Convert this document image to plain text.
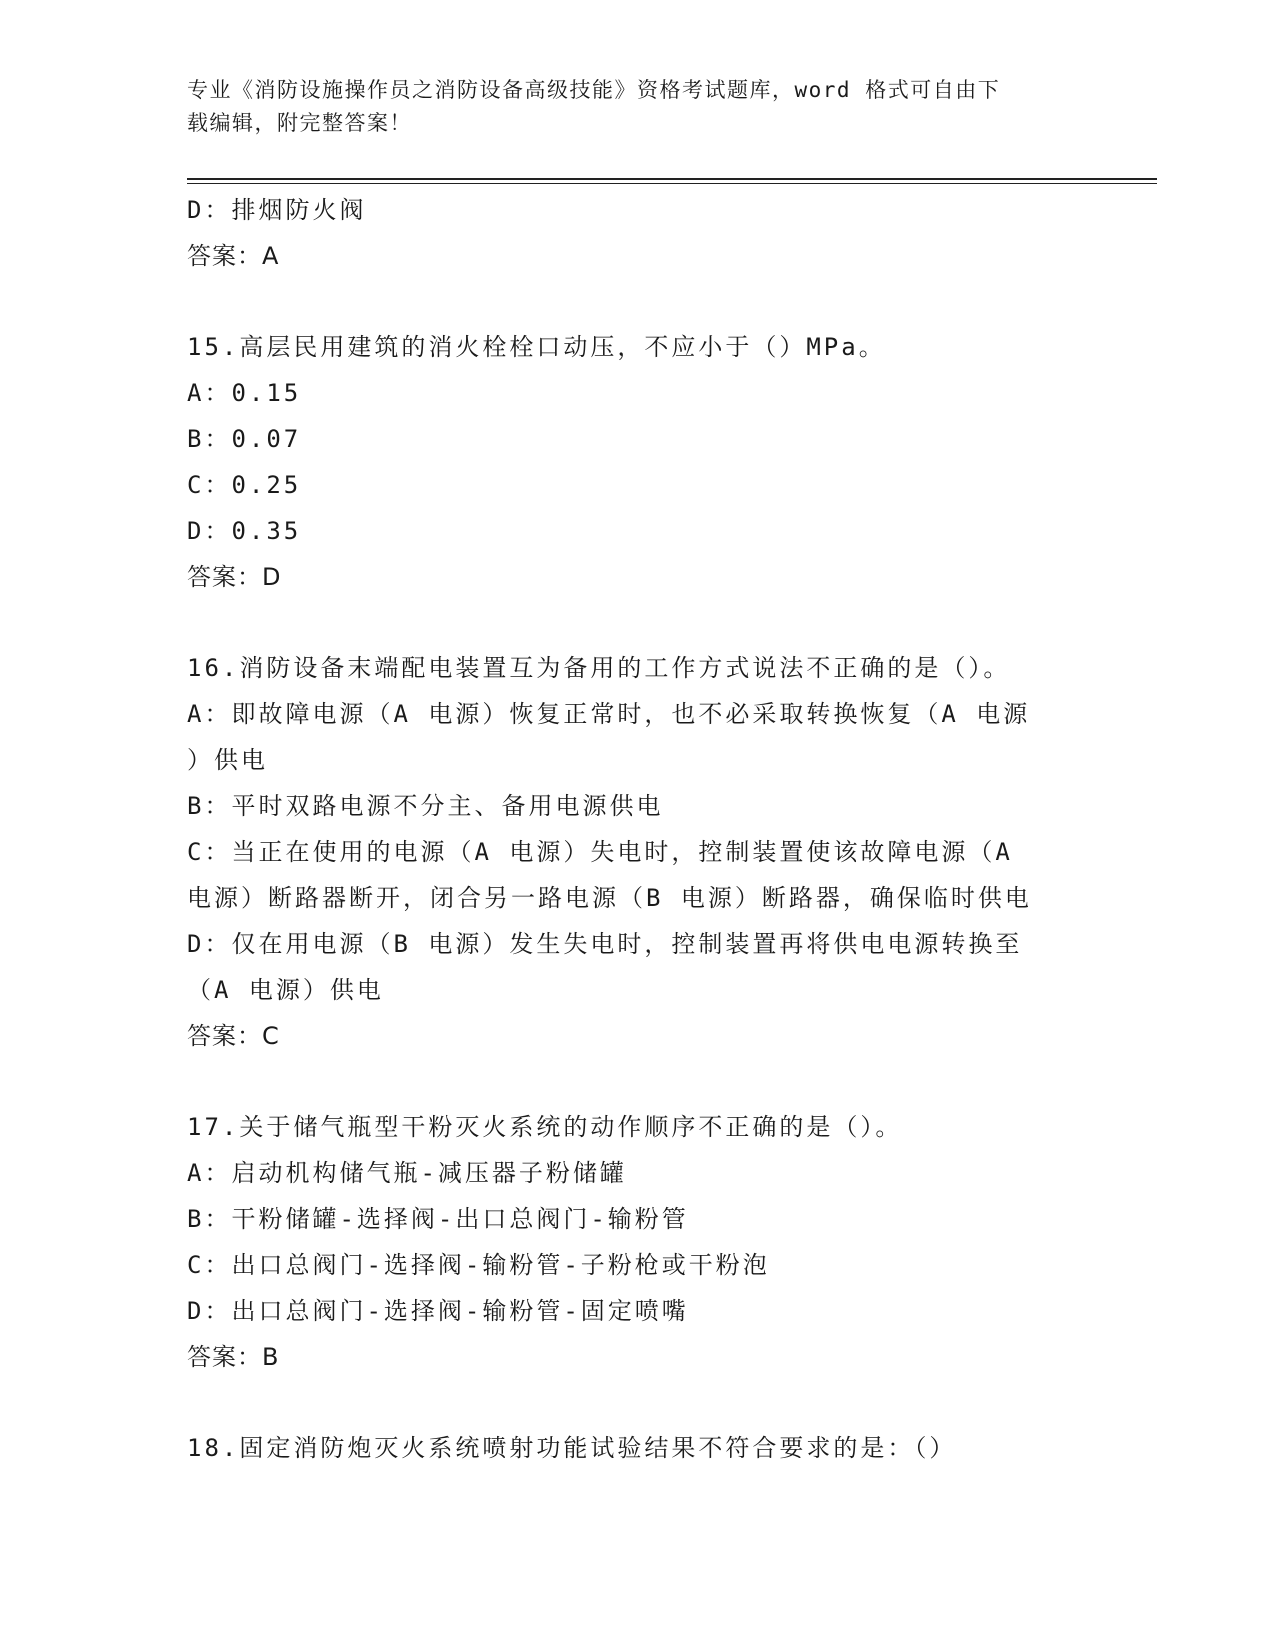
专业《消防设施操作员之消防设备高级技能》资格考试题库，word 格式可自由下
载编辑，附完整答案！
D：排烟防火阀
答案：A
15.高层民用建筑的消火栓栓口动压，不应小于（）MPa。
A：0.15
B：0.07
C：0.25
D：0.35
答案：D
16.消防设备末端配电装置互为备用的工作方式说法不正确的是（）。
A：即故障电源（A 电源）恢复正常时，也不必采取转换恢复（A 电源
）供电
B：平时双路电源不分主、备用电源供电
C：当正在使用的电源（A 电源）失电时，控制装置使该故障电源（A
电源）断路器断开，闭合另一路电源（B 电源）断路器，确保临时供电
D：仅在用电源（B 电源）发生失电时，控制装置再将供电电源转换至
（A 电源）供电
答案：C
17.关于储气瓶型干粉灭火系统的动作顺序不正确的是（）。
A：启动机构储气瓶-减压器子粉储罐
B：干粉储罐-选择阀-出口总阀门-输粉管
C：出口总阀门-选择阀-输粉管-子粉枪或干粉泡
D：出口总阀门-选择阀-输粉管-固定喷嘴
答案：B
18.固定消防炮灭火系统喷射功能试验结果不符合要求的是：（）
